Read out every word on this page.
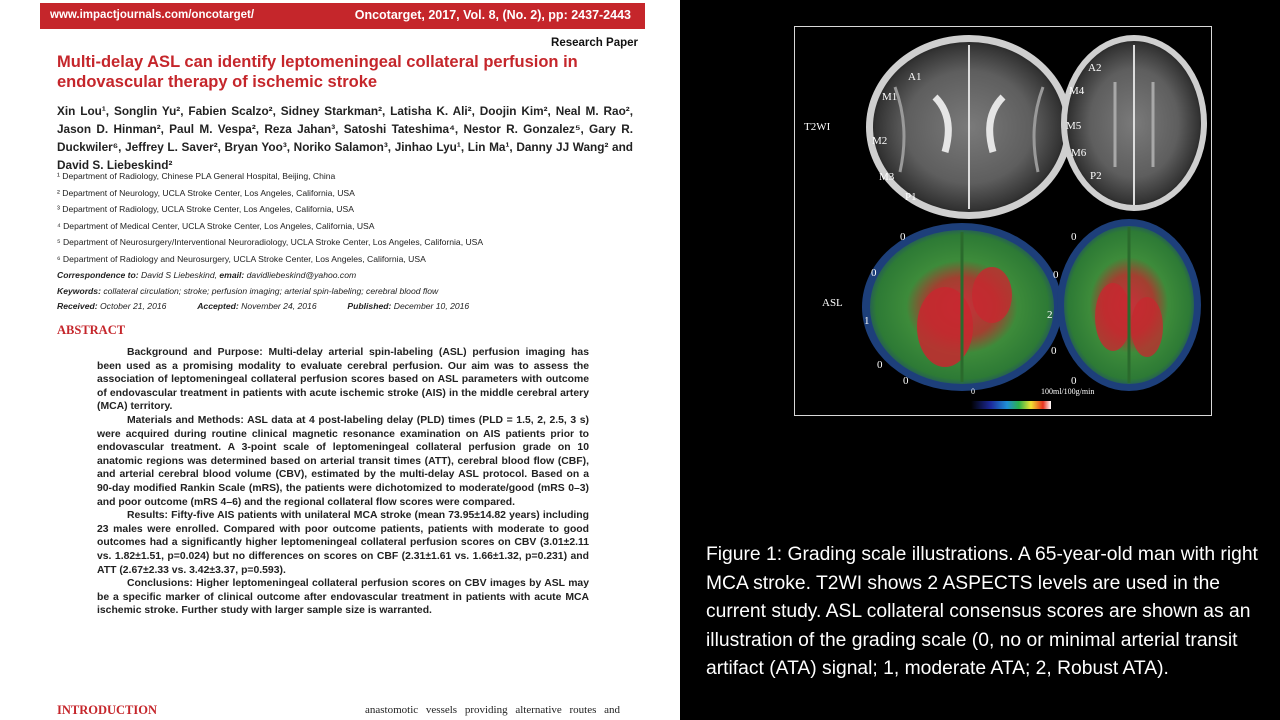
www.impactjournals.com/oncotarget/	Oncotarget, 2017, Vol. 8, (No. 2), pp: 2437-2443
Research Paper
Multi-delay ASL can identify leptomeningeal collateral perfusion in endovascular therapy of ischemic stroke
Xin Lou¹, Songlin Yu², Fabien Scalzo², Sidney Starkman², Latisha K. Ali², Doojin Kim², Neal M. Rao², Jason D. Hinman², Paul M. Vespa², Reza Jahan³, Satoshi Tateshima⁴, Nestor R. Gonzalez⁵, Gary R. Duckwiler⁶, Jeffrey L. Saver², Bryan Yoo³, Noriko Salamon³, Jinhao Lyu¹, Lin Ma¹, Danny JJ Wang² and David S. Liebeskind²
¹ Department of Radiology, Chinese PLA General Hospital, Beijing, China
² Department of Neurology, UCLA Stroke Center, Los Angeles, California, USA
³ Department of Radiology, UCLA Stroke Center, Los Angeles, California, USA
⁴ Department of Medical Center, UCLA Stroke Center, Los Angeles, California, USA
⁵ Department of Neurosurgery/Interventional Neuroradiology, UCLA Stroke Center, Los Angeles, California, USA
⁶ Department of Radiology and Neurosurgery, UCLA Stroke Center, Los Angeles, California, USA
Correspondence to: David S Liebeskind, email: davidliebeskind@yahoo.com
Keywords: collateral circulation; stroke; perfusion imaging; arterial spin-labeling; cerebral blood flow
Received: October 21, 2016	Accepted: November 24, 2016	Published: December 10, 2016
ABSTRACT

Background and Purpose: Multi-delay arterial spin-labeling (ASL) perfusion imaging has been used as a promising modality to evaluate cerebral perfusion. Our aim was to assess the association of leptomeningeal collateral perfusion scores based on ASL parameters with outcome of endovascular treatment in patients with acute ischemic stroke (AIS) in the middle cerebral artery (MCA) territory.

Materials and Methods: ASL data at 4 post-labeling delay (PLD) times (PLD = 1.5, 2, 2.5, 3 s) were acquired during routine clinical magnetic resonance examination on AIS patients prior to endovascular treatment. A 3-point scale of leptomeningeal collateral perfusion grade on 10 anatomic regions was determined based on arterial transit times (ATT), cerebral blood flow (CBF), and arterial cerebral blood volume (CBV), estimated by the multi-delay ASL protocol. Based on a 90-day modified Rankin Scale (mRS), the patients were dichotomized to moderate/good (mRS 0–3) and poor outcome (mRS 4–6) and the regional collateral flow scores were compared.

Results: Fifty-five AIS patients with unilateral MCA stroke (mean 73.95±14.82 years) including 23 males were enrolled. Compared with poor outcome patients, patients with moderate to good outcomes had a significantly higher leptomeningeal collateral perfusion scores on CBV (3.01±2.11 vs. 1.82±1.51, p=0.024) but no differences on scores on CBF (2.31±1.61 vs. 1.66±1.32, p=0.231) and ATT (2.67±2.33 vs. 3.42±3.37, p=0.593).

Conclusions: Higher leptomeningeal collateral perfusion scores on CBV images by ASL may be a specific marker of clinical outcome after endovascular treatment in patients with acute MCA ischemic stroke. Further study with larger sample size is warranted.

INTRODUCTION	anastomotic vessels providing alternative routes and
T2WI
ASL
A1
M1
M2
M3
P1
A2
M4
M5
M6
P2
0
0
1
0
0
0
0
2
0
0
0	100ml/100g/min
Figure 1: Grading scale illustrations. A 65-year-old man with right MCA stroke. T2WI shows 2 ASPECTS levels are used in the current study. ASL collateral consensus scores are shown as an illustration of the grading scale (0, no or minimal arterial transit artifact (ATA) signal; 1, moderate ATA; 2, Robust ATA).
